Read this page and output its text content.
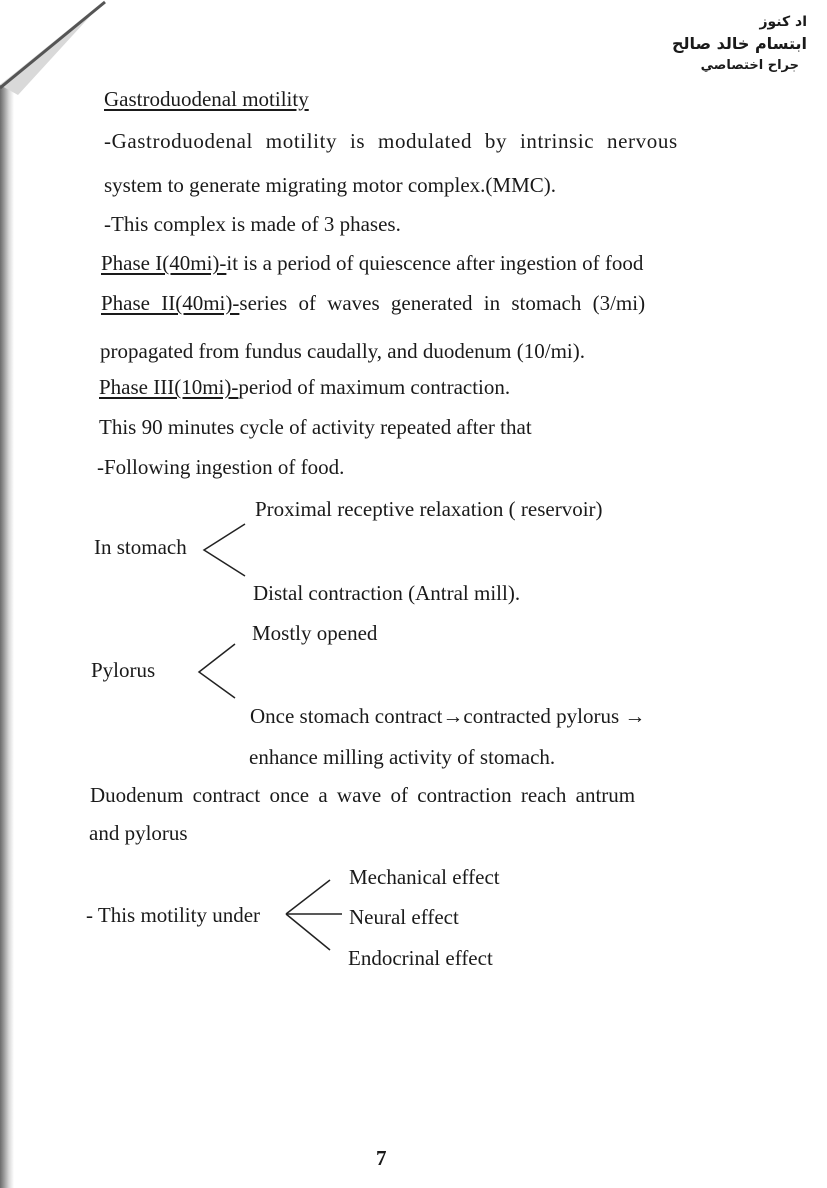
اد كنوز
ابتسام خالد صالح
جراح اختصاصي
Gastroduodenal motility
-Gastroduodenal motility is modulated by intrinsic nervous
system to generate migrating motor complex.(MMC).
-This complex is made of 3 phases.
Phase I(40mi)-it is a period of quiescence after ingestion of food
Phase II(40mi)-series of waves generated in stomach (3/mi)
propagated from fundus caudally, and duodenum (10/mi).
Phase III(10mi)-period of maximum contraction.
This 90 minutes cycle of activity repeated after that
-Following ingestion of food.
Proximal receptive relaxation ( reservoir)
In stomach
Distal contraction (Antral mill).
Mostly opened
Pylorus
Once stomach contract→contracted pylorus →
enhance milling activity of stomach.
Duodenum contract once a wave of contraction reach antrum
and pylorus
Mechanical effect
- This motility under	Neural effect
Endocrinal effect
7
